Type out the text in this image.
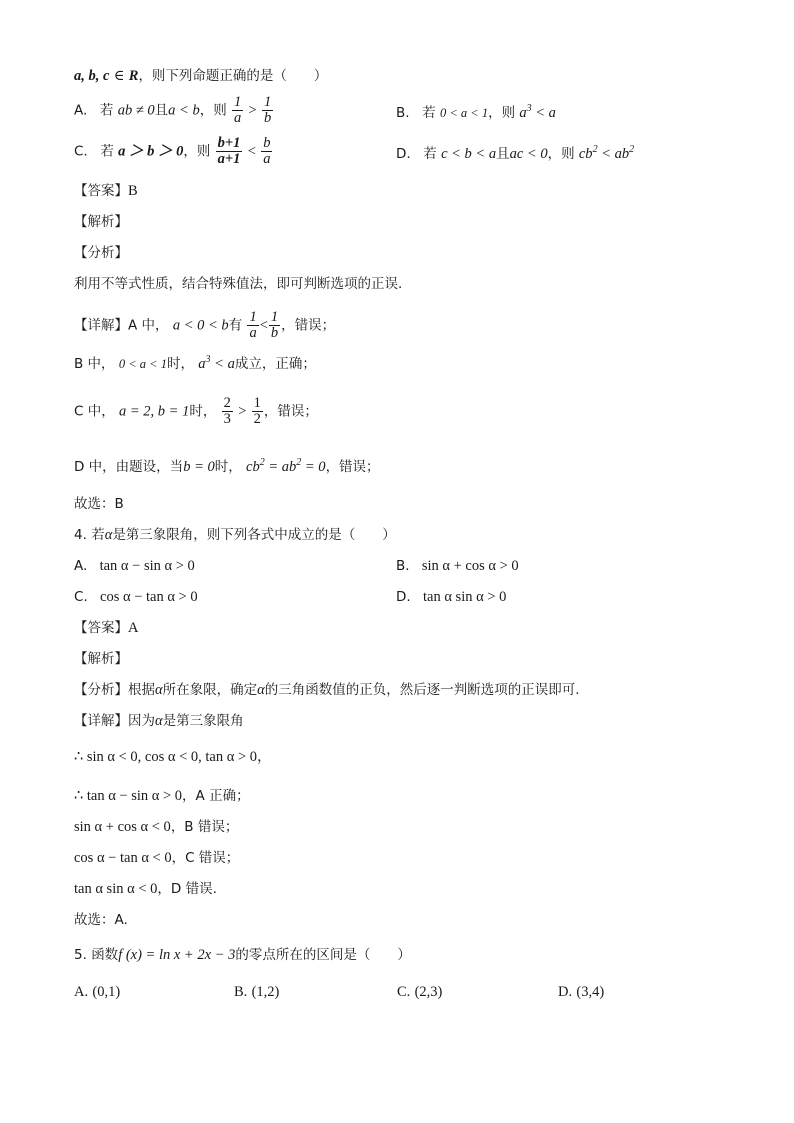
a, b, c ∈ R，则下列命题正确的是（　　）
A. 若 ab ≠ 0且a < b，则 $\frac{1}{a} > \frac{1}{b}$	B. 若 0 < a < 1，则 $a^3 < a$
C. 若 a ＞ b ＞ 0，则 $\frac{b+1}{a+1} < \frac{b}{a}$	D. 若 c < b < a且ac < 0，则 $cb^2 < ab^2$
【答案】B
【解析】
【分析】
利用不等式性质，结合特殊值法，即可判断选项的正误.
【详解】A 中， a < 0 < b有 $\frac{1}{a} < \frac{1}{b}$ ，错误；
B 中， 0 < a < 1时， $a^3 < a$成立，正确；
C 中， a = 2, b = 1时， $\frac{2}{3} > \frac{1}{2}$ ，错误；
D 中，由题设，当b = 0时， $cb^2 = ab^2 = 0$，错误；
故选：B
4. 若α是第三象限角，则下列各式中成立的是（　　）
A. tan α − sin α > 0	B. sin α + cos α > 0
C. cos α − tan α > 0	D. tan α sin α > 0
【答案】A
【解析】
【分析】根据α所在象限，确定α的三角函数值的正负，然后逐一判断选项的正误即可.
【详解】因为α是第三象限角
∴ sin α < 0, cos α < 0, tan α > 0，
∴ tan α − sin α > 0，A 正确；
sin α + cos α < 0，B 错误；
cos α − tan α < 0，C 错误；
tan α sin α < 0，D 错误.
故选：A.
5. 函数f (x) = ln x + 2x − 3的零点所在的区间是（　　）
A. (0,1)	B. (1,2)	C. (2,3)	D. (3,4)
